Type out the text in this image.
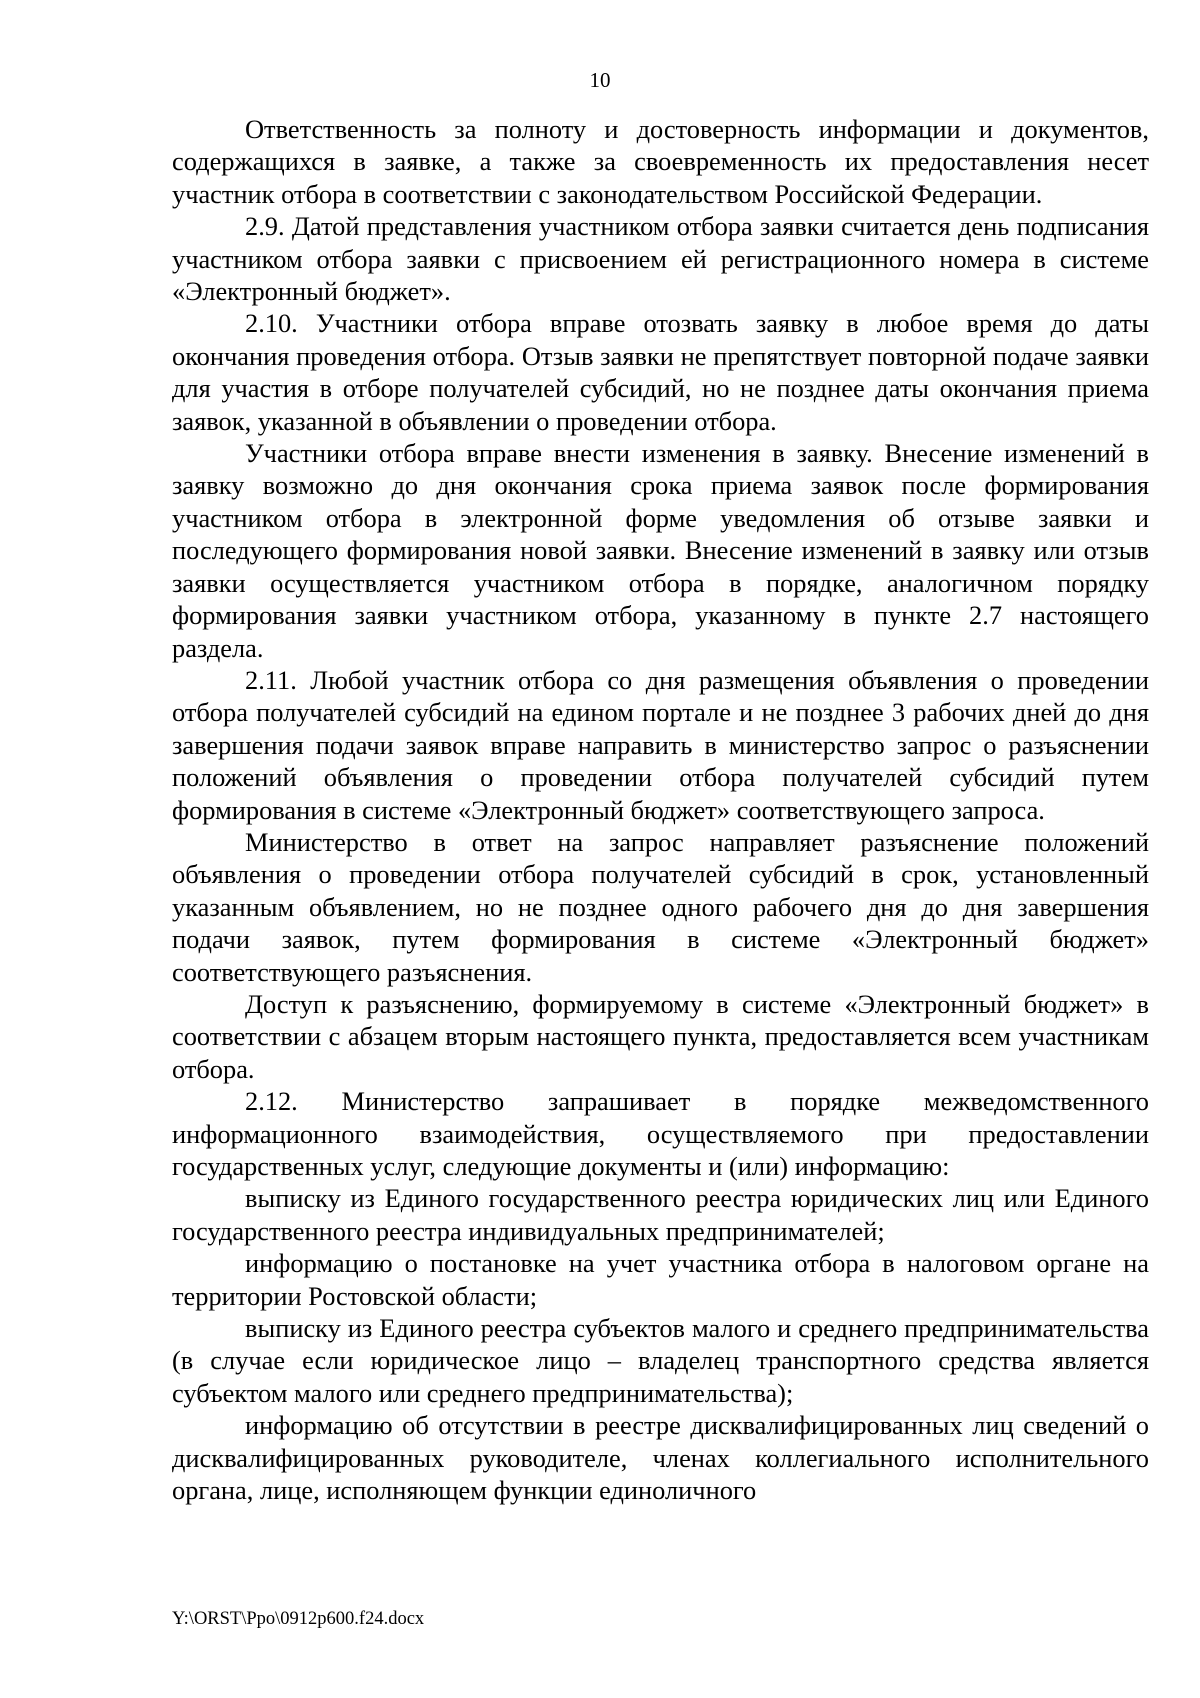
10

Ответственность за полноту и достоверность информации и документов, содержащихся в заявке, а также за своевременность их предоставления несет участник отбора в соответствии с законодательством Российской Федерации.

2.9. Датой представления участником отбора заявки считается день подписания участником отбора заявки с присвоением ей регистрационного номера в системе «Электронный бюджет».

2.10. Участники отбора вправе отозвать заявку в любое время до даты окончания проведения отбора. Отзыв заявки не препятствует повторной подаче заявки для участия в отборе получателей субсидий, но не позднее даты окончания приема заявок, указанной в объявлении о проведении отбора.

Участники отбора вправе внести изменения в заявку. Внесение изменений в заявку возможно до дня окончания срока приема заявок после формирования участником отбора в электронной форме уведомления об отзыве заявки и последующего формирования новой заявки. Внесение изменений в заявку или отзыв заявки осуществляется участником отбора в порядке, аналогичном порядку формирования заявки участником отбора, указанному в пункте 2.7 настоящего раздела.

2.11. Любой участник отбора со дня размещения объявления о проведении отбора получателей субсидий на едином портале и не позднее 3 рабочих дней до дня завершения подачи заявок вправе направить в министерство запрос о разъяснении положений объявления о проведении отбора получателей субсидий путем формирования в системе «Электронный бюджет» соответствующего запроса.

Министерство в ответ на запрос направляет разъяснение положений объявления о проведении отбора получателей субсидий в срок, установленный указанным объявлением, но не позднее одного рабочего дня до дня завершения подачи заявок, путем формирования в системе «Электронный бюджет» соответствующего разъяснения.

Доступ к разъяснению, формируемому в системе «Электронный бюджет» в соответствии с абзацем вторым настоящего пункта, предоставляется всем участникам отбора.

2.12. Министерство запрашивает в порядке межведомственного информационного взаимодействия, осуществляемого при предоставлении государственных услуг, следующие документы и (или) информацию:

выписку из Единого государственного реестра юридических лиц или Единого государственного реестра индивидуальных предпринимателей;

информацию о постановке на учет участника отбора в налоговом органе на территории Ростовской области;

выписку из Единого реестра субъектов малого и среднего предпринимательства (в случае если юридическое лицо – владелец транспортного средства является субъектом малого или среднего предпринимательства);

информацию об отсутствии в реестре дисквалифицированных лиц сведений о дисквалифицированных руководителе, членах коллегиального исполнительного органа, лице, исполняющем функции единоличного

Y:\ORST\Ppo\0912p600.f24.docx
